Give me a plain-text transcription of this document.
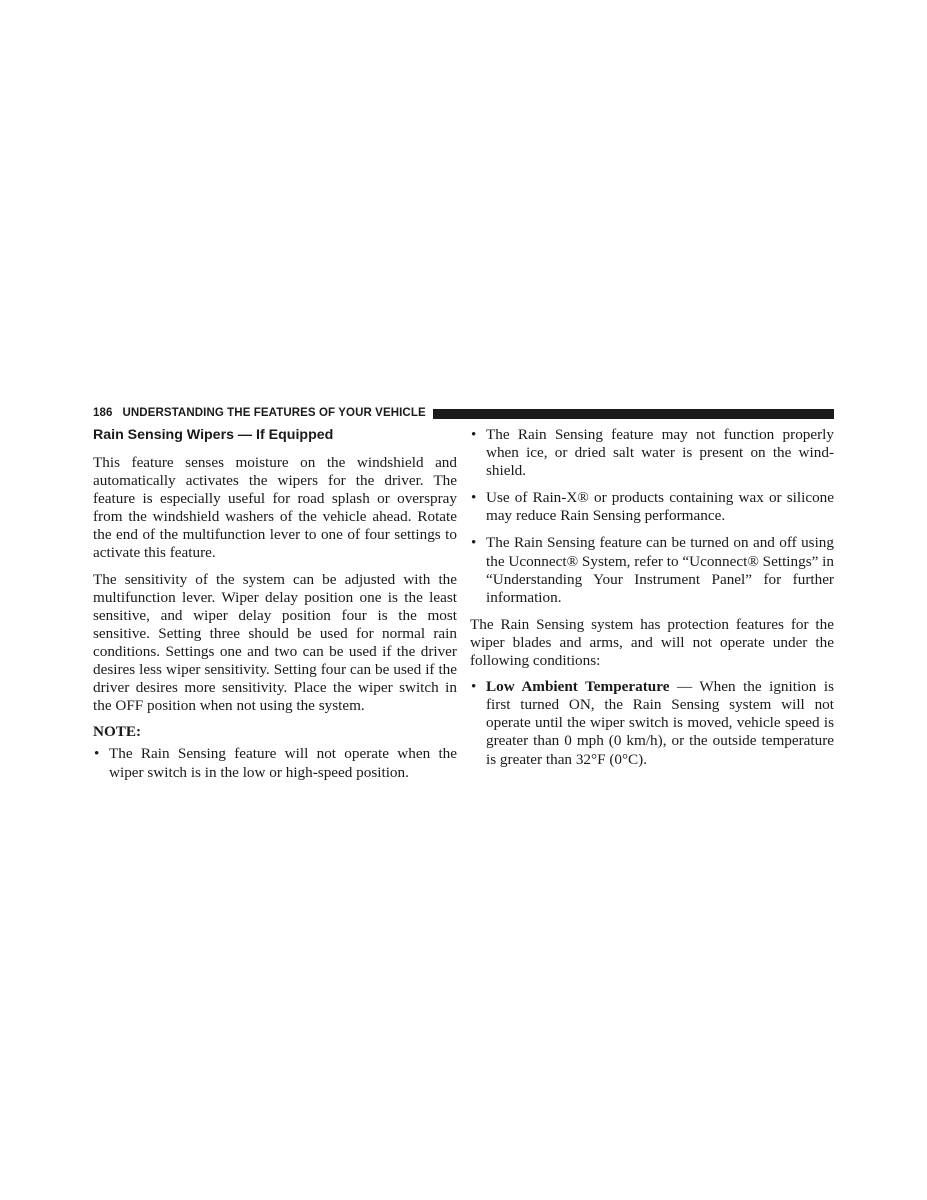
186 UNDERSTANDING THE FEATURES OF YOUR VEHICLE
Rain Sensing Wipers — If Equipped

This feature senses moisture on the windshield and automatically activates the wipers for the driver. The feature is especially useful for road splash or overspray from the windshield washers of the vehicle ahead. Rotate the end of the multifunction lever to one of four settings to activate this feature.

The sensitivity of the system can be adjusted with the multifunction lever. Wiper delay position one is the least sensitive, and wiper delay position four is the most sensitive. Setting three should be used for normal rain conditions. Settings one and two can be used if the driver desires less wiper sensitivity. Setting four can be used if the driver desires more sensitivity. Place the wiper switch in the OFF position when not using the system.

NOTE:

• The Rain Sensing feature will not operate when the wiper switch is in the low or high-speed position.
• The Rain Sensing feature may not function properly when ice, or dried salt water is present on the windshield.
• Use of Rain-X® or products containing wax or silicone may reduce Rain Sensing performance.
• The Rain Sensing feature can be turned on and off using the Uconnect® System, refer to “Uconnect® Settings” in “Understanding Your Instrument Panel” for further information.

The Rain Sensing system has protection features for the wiper blades and arms, and will not operate under the following conditions:

• Low Ambient Temperature — When the ignition is first turned ON, the Rain Sensing system will not operate until the wiper switch is moved, vehicle speed is greater than 0 mph (0 km/h), or the outside temperature is greater than 32°F (0°C).
